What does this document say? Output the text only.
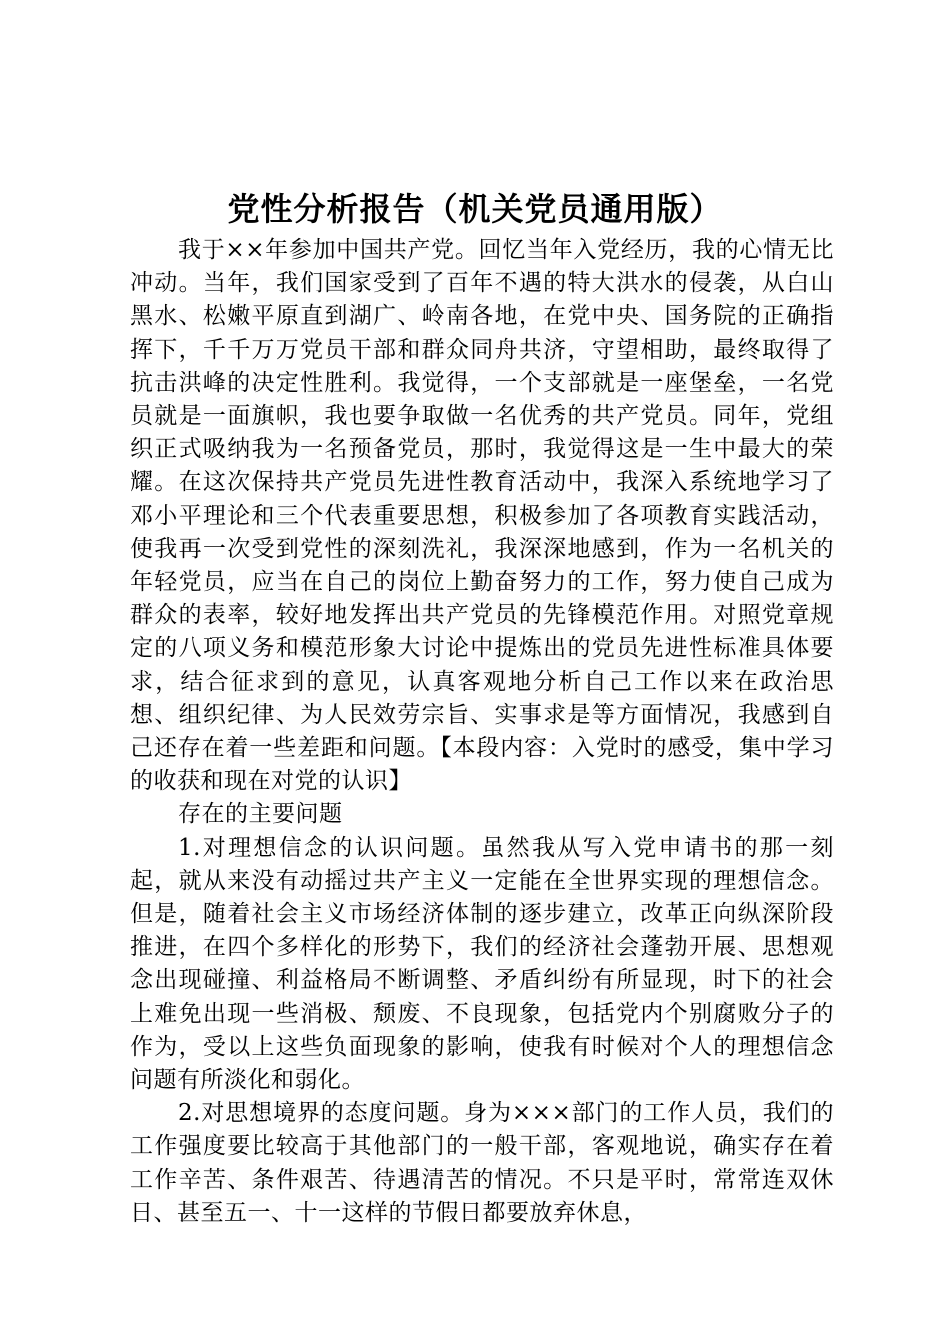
党性分析报告（机关党员通用版）

我于××年参加中国共产党。回忆当年入党经历，我的心情无比冲动。当年，我们国家受到了百年不遇的特大洪水的侵袭，从白山黑水、松嫩平原直到湖广、岭南各地，在党中央、国务院的正确指挥下，千千万万党员干部和群众同舟共济，守望相助，最终取得了抗击洪峰的决定性胜利。我觉得，一个支部就是一座堡垒，一名党员就是一面旗帜，我也要争取做一名优秀的共产党员。同年，党组织正式吸纳我为一名预备党员，那时，我觉得这是一生中最大的荣耀。在这次保持共产党员先进性教育活动中，我深入系统地学习了邓小平理论和三个代表重要思想，积极参加了各项教育实践活动，使我再一次受到党性的深刻洗礼，我深深地感到，作为一名机关的年轻党员，应当在自己的岗位上勤奋努力的工作，努力使自己成为群众的表率，较好地发挥出共产党员的先锋模范作用。对照党章规定的八项义务和模范形象大讨论中提炼出的党员先进性标准具体要求，结合征求到的意见，认真客观地分析自己工作以来在政治思想、组织纪律、为人民效劳宗旨、实事求是等方面情况，我感到自己还存在着一些差距和问题。【本段内容：入党时的感受，集中学习的收获和现在对党的认识】

存在的主要问题

1.对理想信念的认识问题。虽然我从写入党申请书的那一刻起，就从来没有动摇过共产主义一定能在全世界实现的理想信念。但是，随着社会主义市场经济体制的逐步建立，改革正向纵深阶段推进，在四个多样化的形势下，我们的经济社会蓬勃开展、思想观念出现碰撞、利益格局不断调整、矛盾纠纷有所显现，时下的社会上难免出现一些消极、颓废、不良现象，包括党内个别腐败分子的作为，受以上这些负面现象的影响，使我有时候对个人的理想信念问题有所淡化和弱化。

2.对思想境界的态度问题。身为×××部门的工作人员，我们的工作强度要比较高于其他部门的一般干部，客观地说，确实存在着工作辛苦、条件艰苦、待遇清苦的情况。不只是平时，常常连双休日、甚至五一、十一这样的节假日都要放弃休息，
